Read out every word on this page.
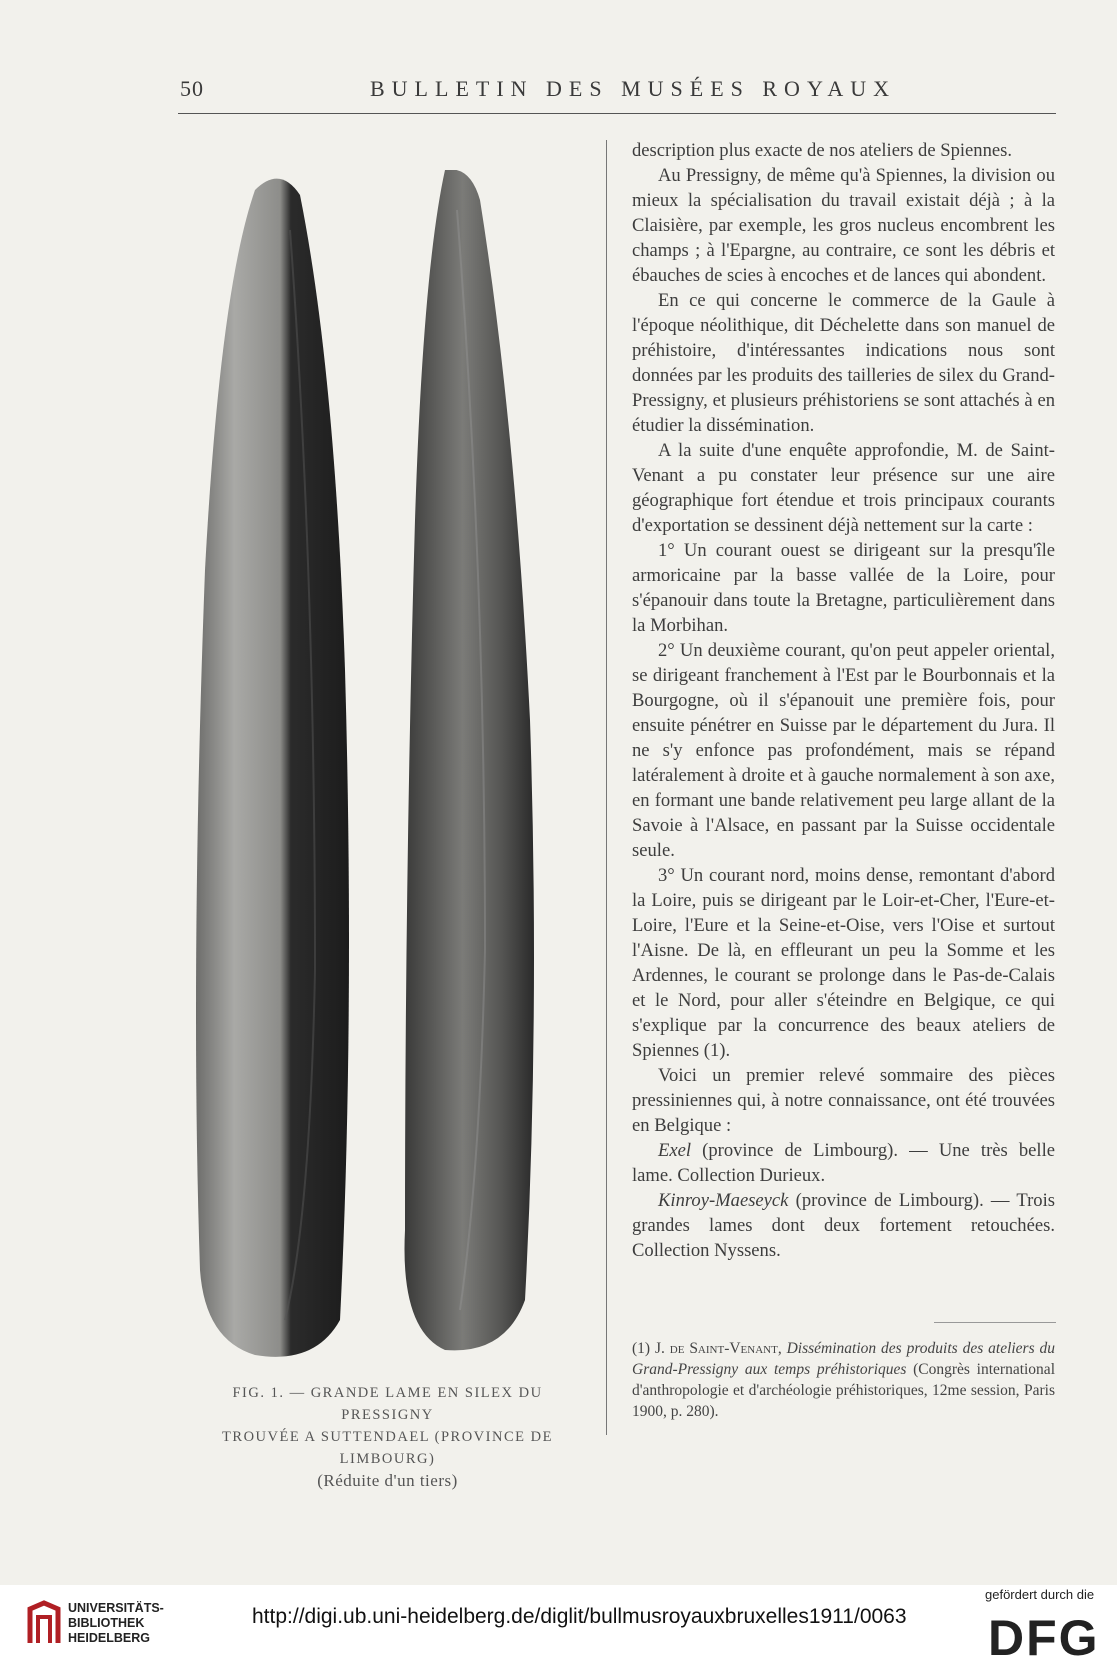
50	BULLETIN DES MUSÉES ROYAUX
FIG. 1. — GRANDE LAME EN SILEX DU PRESSIGNY
TROUVÉE A SUTTENDAEL (PROVINCE DE LIMBOURG)
(Réduite d'un tiers)

description plus exacte de nos ateliers de Spiennes.

Au Pressigny, de même qu'à Spiennes, la division ou mieux la spécialisation du travail existait déjà ; à la Claisière, par exemple, les gros nucleus encombrent les champs ; à l'Epargne, au contraire, ce sont les débris et ébauches de scies à encoches et de lances qui abondent.

En ce qui concerne le commerce de la Gaule à l'époque néolithique, dit Déchelette dans son manuel de préhistoire, d'intéressantes indications nous sont données par les produits des tailleries de silex du Grand-Pressigny, et plusieurs préhistoriens se sont attachés à en étudier la dissémination.

A la suite d'une enquête approfondie, M. de Saint-Venant a pu constater leur présence sur une aire géographique fort étendue et trois principaux courants d'exportation se dessinent déjà nettement sur la carte :

1° Un courant ouest se dirigeant sur la presqu'île armoricaine par la basse vallée de la Loire, pour s'épanouir dans toute la Bretagne, particulièrement dans la Morbihan.

2° Un deuxième courant, qu'on peut appeler oriental, se dirigeant franchement à l'Est par le Bourbonnais et la Bourgogne, où il s'épanouit une première fois, pour ensuite pénétrer en Suisse par le département du Jura. Il ne s'y enfonce pas profondément, mais se répand latéralement à droite et à gauche normalement à son axe, en formant une bande relativement peu large allant de la Savoie à l'Alsace, en passant par la Suisse occidentale seule.

3° Un courant nord, moins dense, remontant d'abord la Loire, puis se dirigeant par le Loir-et-Cher, l'Eure-et-Loire, l'Eure et la Seine-et-Oise, vers l'Oise et surtout l'Aisne. De là, en effleurant un peu la Somme et les Ardennes, le courant se prolonge dans le Pas-de-Calais et le Nord, pour aller s'éteindre en Belgique, ce qui s'explique par la concurrence des beaux ateliers de Spiennes (1).

Voici un premier relevé sommaire des pièces pressiniennes qui, à notre connaissance, ont été trouvées en Belgique :

Exel (province de Limbourg). — Une très belle lame. Collection Durieux.

Kinroy-Maeseyck (province de Limbourg). — Trois grandes lames dont deux fortement retouchées. Collection Nyssens.

(1) J. de Saint-Venant, Dissémination des produits des ateliers du Grand-Pressigny aux temps préhistoriques (Congrès international d'anthropologie et d'archéologie préhistoriques, 12me session, Paris 1900, p. 280).
UNIVERSITÄTS-
BIBLIOTHEK
HEIDELBERG
http://digi.ub.uni-heidelberg.de/diglit/bullmusroyauxbruxelles1911/0063
gefördert durch die
DFG
